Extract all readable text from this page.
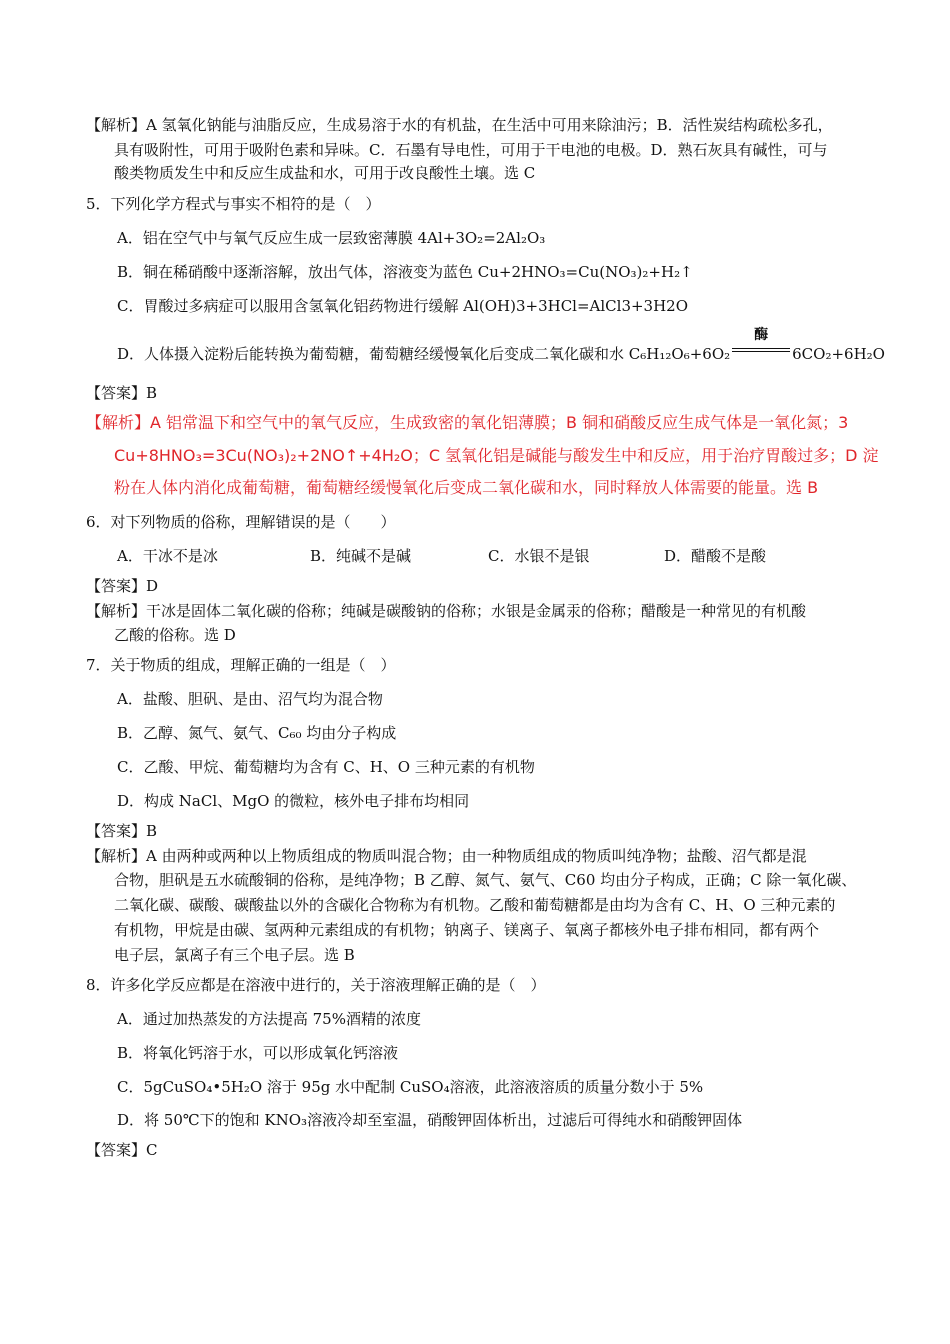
【解析】A 氢氧化钠能与油脂反应，生成易溶于水的有机盐，在生活中可用来除油污；B．活性炭结构疏松多孔，
具有吸附性，可用于吸附色素和异味。C．石墨有导电性，可用于干电池的电极。D．熟石灰具有碱性，可与
酸类物质发生中和反应生成盐和水，可用于改良酸性土壤。选 C
5．下列化学方程式与事实不相符的是（　）
A．铝在空气中与氧气反应生成一层致密薄膜 4Al+3O₂=2Al₂O₃
B．铜在稀硝酸中逐渐溶解，放出气体，溶液变为蓝色 Cu+2HNO₃=Cu(NO₃)₂+H₂↑
C．胃酸过多病症可以服用含氢氧化铝药物进行缓解 Al(OH)3+3HCl=AlCl3+3H2O
D．人体摄入淀粉后能转换为葡萄糖，葡萄糖经缓慢氧化后变成二氧化碳和水 C₆H₁₂O₆+6O₂
酶
6CO₂+6H₂O
【答案】B
【解析】A 铝常温下和空气中的氧气反应，生成致密的氧化铝薄膜；B 铜和硝酸反应生成气体是一氧化氮；3
Cu+8HNO₃=3Cu(NO₃)₂+2NO↑+4H₂O；C 氢氧化铝是碱能与酸发生中和反应，用于治疗胃酸过多；D 淀
粉在人体内消化成葡萄糖，葡萄糖经缓慢氧化后变成二氧化碳和水，同时释放人体需要的能量。选 B
6．对下列物质的俗称，理解错误的是（　　）
A．干冰不是冰	B．纯碱不是碱	C．水银不是银	D．醋酸不是酸
【答案】D
【解析】干冰是固体二氧化碳的俗称；纯碱是碳酸钠的俗称；水银是金属汞的俗称；醋酸是一种常见的有机酸
乙酸的俗称。选 D
7．关于物质的组成，理解正确的一组是（　）
A．盐酸、胆矾、是由、沼气均为混合物
B．乙醇、氮气、氨气、C₆₀ 均由分子构成
C．乙酸、甲烷、葡萄糖均为含有 C、H、O 三种元素的有机物
D．构成 NaCl、MgO 的微粒，核外电子排布均相同
【答案】B
【解析】A 由两种或两种以上物质组成的物质叫混合物；由一种物质组成的物质叫纯净物；盐酸、沼气都是混
合物，胆矾是五水硫酸铜的俗称，是纯净物；B 乙醇、氮气、氨气、C60 均由分子构成，正确；C 除一氧化碳、
二氧化碳、碳酸、碳酸盐以外的含碳化合物称为有机物。乙酸和葡萄糖都是由均为含有 C、H、O 三种元素的
有机物，甲烷是由碳、氢两种元素组成的有机物；钠离子、镁离子、氧离子都核外电子排布相同，都有两个
电子层，氯离子有三个电子层。选 B
8．许多化学反应都是在溶液中进行的，关于溶液理解正确的是（　）
A．通过加热蒸发的方法提高 75%酒精的浓度
B．将氧化钙溶于水，可以形成氧化钙溶液
C．5gCuSO₄•5H₂O 溶于 95g 水中配制 CuSO₄溶液，此溶液溶质的质量分数小于 5%
D．将 50℃下的饱和 KNO₃溶液冷却至室温，硝酸钾固体析出，过滤后可得纯水和硝酸钾固体
【答案】C
